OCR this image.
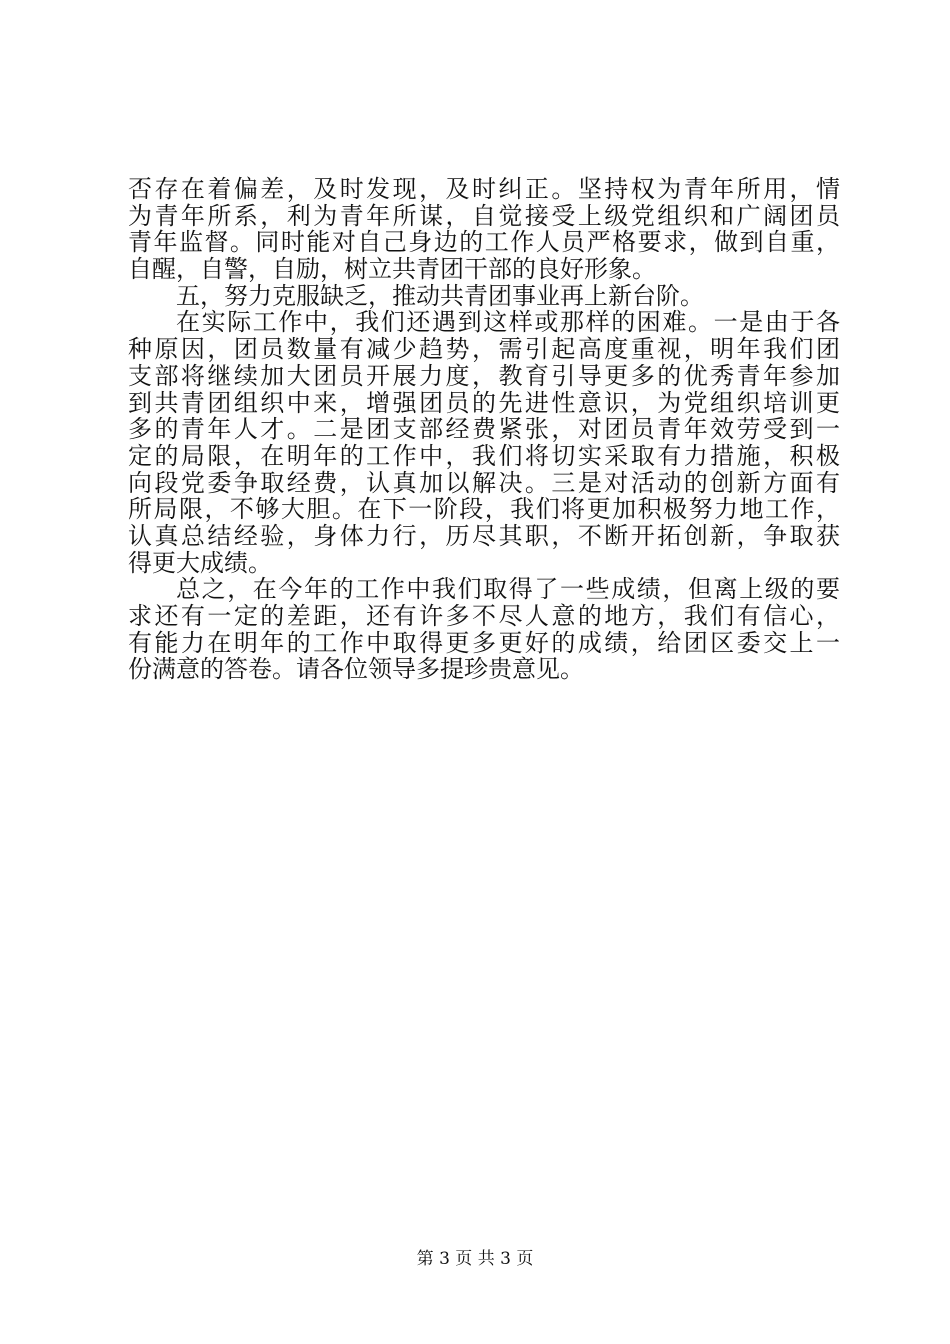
否存在着偏差，及时发现，及时纠正。坚持权为青年所用，情
为青年所系，利为青年所谋，自觉接受上级党组织和广阔团员
青年监督。同时能对自己身边的工作人员严格要求，做到自重，
自醒，自警，自励，树立共青团干部的良好形象。
五，努力克服缺乏，推动共青团事业再上新台阶。
在实际工作中，我们还遇到这样或那样的困难。一是由于各
种原因，团员数量有减少趋势，需引起高度重视，明年我们团
支部将继续加大团员开展力度，教育引导更多的优秀青年参加
到共青团组织中来，增强团员的先进性意识，为党组织培训更
多的青年人才。二是团支部经费紧张，对团员青年效劳受到一
定的局限，在明年的工作中，我们将切实采取有力措施，积极
向段党委争取经费，认真加以解决。三是对活动的创新方面有
所局限，不够大胆。在下一阶段，我们将更加积极努力地工作，
认真总结经验，身体力行，历尽其职，不断开拓创新，争取获
得更大成绩。
总之，在今年的工作中我们取得了一些成绩，但离上级的要
求还有一定的差距，还有许多不尽人意的地方，我们有信心，
有能力在明年的工作中取得更多更好的成绩，给团区委交上一
份满意的答卷。请各位领导多提珍贵意见。
第 3 页 共 3 页
